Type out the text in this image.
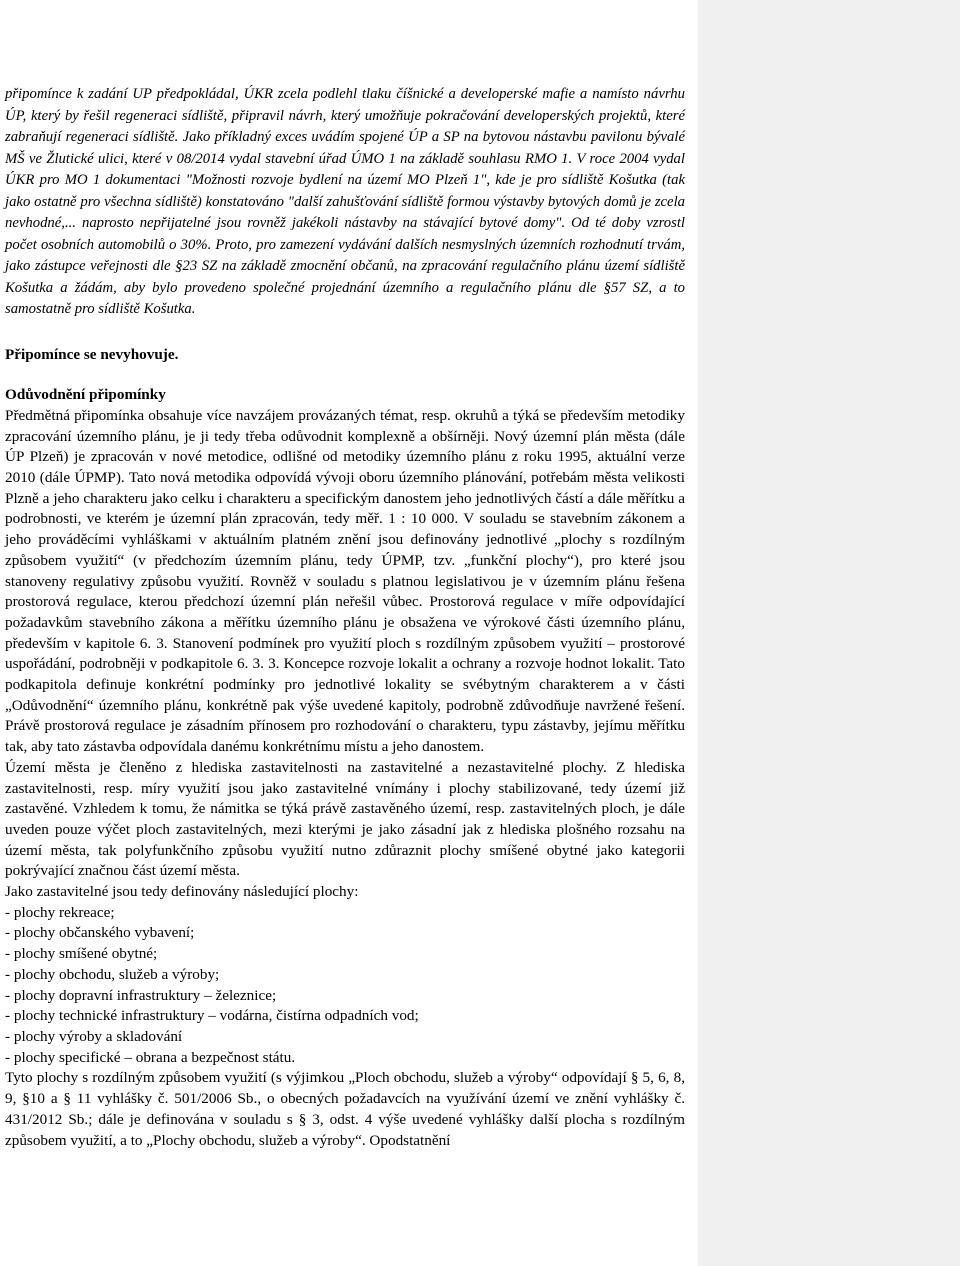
připomínce k zadání UP předpokládal, ÚKR zcela podlehl tlaku číšnické a developerské mafie a namísto návrhu ÚP, který by řešil regeneraci sídliště, připravil návrh, který umožňuje pokračování developerských projektů, které zabraňují regeneraci sídliště. Jako příkladný exces uvádím spojené ÚP a SP na bytovou nástavbu pavilonu bývalé MŠ ve Žlutické ulici, které v 08/2014 vydal stavební úřad ÚMO 1 na základě souhlasu RMO 1. V roce 2004 vydal ÚKR pro MO 1 dokumentaci "Možnosti rozvoje bydlení na území MO Plzeň 1", kde je pro sídliště Košutka (tak jako ostatně pro všechna sídliště) konstatováno "další zahušťování sídliště formou výstavby bytových domů je zcela nevhodné,... naprosto nepřijatelné jsou rovněž jakékoli nástavby na stávající bytové domy". Od té doby vzrostl počet osobních automobilů o 30%. Proto, pro zamezení vydávání dalších nesmyslných územních rozhodnutí trvám, jako zástupce veřejnosti dle §23 SZ na základě zmocnění občanů, na zpracování regulačního plánu území sídliště Košutka a žádám, aby bylo provedeno společné projednání územního a regulačního plánu dle §57 SZ, a to samostatně pro sídliště Košutka.

Připomínce se nevyhovuje.

Odůvodnění připomínky

Předmětná připomínka obsahuje více navzájem provázaných témat, resp. okruhů a týká se především metodiky zpracování územního plánu, je ji tedy třeba odůvodnit komplexně a obšírněji. Nový územní plán města (dále ÚP Plzeň) je zpracován v nové metodice, odlišné od metodiky územního plánu z roku 1995, aktuální verze 2010 (dále ÚPMP). Tato nová metodika odpovídá vývoji oboru územního plánování, potřebám města velikosti Plzně a jeho charakteru jako celku i charakteru a specifickým danostem jeho jednotlivých částí a dále měřítku a podrobnosti, ve kterém je územní plán zpracován, tedy měř. 1 : 10 000. V souladu se stavebním zákonem a jeho prováděcími vyhláškami v aktuálním platném znění jsou definovány jednotlivé „plochy s rozdílným způsobem využití“ (v předchozím územním plánu, tedy ÚPMP, tzv. „funkční plochy“), pro které jsou stanoveny regulativy způsobu využití. Rovněž v souladu s platnou legislativou je v územním plánu řešena prostorová regulace, kterou předchozí územní plán neřešil vůbec. Prostorová regulace v míře odpovídající požadavkům stavebního zákona a měřítku územního plánu je obsažena ve výrokové části územního plánu, především v kapitole 6. 3. Stanovení podmínek pro využití ploch s rozdílným způsobem využití – prostorové uspořádání, podrobněji v podkapitole 6. 3. 3. Koncepce rozvoje lokalit a ochrany a rozvoje hodnot lokalit. Tato podkapitola definuje konkrétní podmínky pro jednotlivé lokality se svébytným charakterem a v části „Odůvodnění“ územního plánu, konkrétně pak výše uvedené kapitoly, podrobně zdůvodňuje navržené řešení. Právě prostorová regulace je zásadním přínosem pro rozhodování o charakteru, typu zástavby, jejímu měřítku tak, aby tato zástavba odpovídala danému konkrétnímu místu a jeho danostem.

Území města je členěno z hlediska zastavitelnosti na zastavitelné a nezastavitelné plochy. Z hlediska zastavitelnosti, resp. míry využití jsou jako zastavitelné vnímány i plochy stabilizované, tedy území již zastavěné. Vzhledem k tomu, že námitka se týká právě zastavěného území, resp. zastavitelných ploch, je dále uveden pouze výčet ploch zastavitelných, mezi kterými je jako zásadní jak z hlediska plošného rozsahu na území města, tak polyfunkčního způsobu využití nutno zdůraznit plochy smíšené obytné jako kategorii pokrývající značnou část území města.

Jako zastavitelné jsou tedy definovány následující plochy:

- plochy rekreace;
- plochy občanského vybavení;
- plochy smíšené obytné;
- plochy obchodu, služeb a výroby;
- plochy dopravní infrastruktury – železnice;
- plochy technické infrastruktury – vodárna, čistírna odpadních vod;
- plochy výroby a skladování
- plochy specifické – obrana a bezpečnost státu.

Tyto plochy s rozdílným způsobem využití (s výjimkou „Ploch obchodu, služeb a výroby“ odpovídají § 5, 6, 8, 9, §10 a § 11 vyhlášky č. 501/2006 Sb., o obecných požadavcích na využívání území ve znění vyhlášky č. 431/2012 Sb.; dále je definována v souladu s § 3, odst. 4 výše uvedené vyhlášky další plocha s rozdílným způsobem využití, a to „Plochy obchodu, služeb a výroby“. Opodstatnění
